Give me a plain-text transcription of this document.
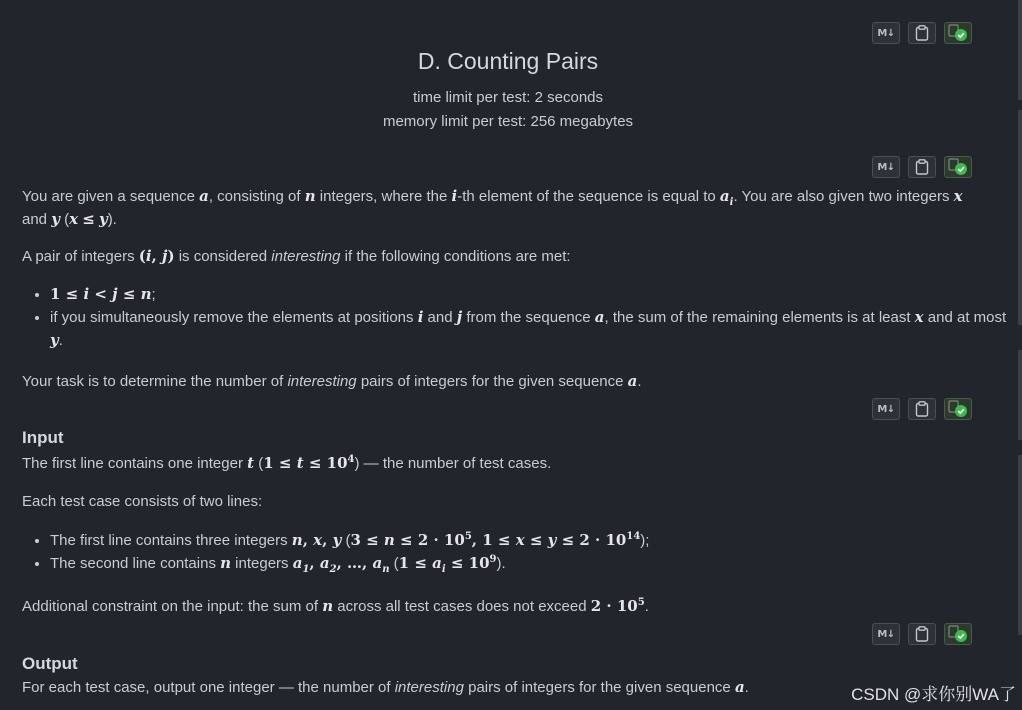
M↓
D. Counting Pairs
time limit per test: 2 seconds
memory limit per test: 256 megabytes
M↓
You are given a sequence a, consisting of n integers, where the i-th element of the sequence is equal to $a_i$. You are also given two integers x and y (x ≤ y).
A pair of integers (i, j) is considered interesting if the following conditions are met:
• 1 ≤ i < j ≤ n;
• if you simultaneously remove the elements at positions i and j from the sequence a, the sum of the remaining elements is at least x and at most y.
Your task is to determine the number of interesting pairs of integers for the given sequence a.
M↓
Input
The first line contains one integer t $(1 \le t \le 10^4)$ — the number of test cases.
Each test case consists of two lines:
• The first line contains three integers n, x, y ($3 \le n \le 2 \cdot 10^5$, $1 \le x \le y \le 2 \cdot 10^{14}$);
• The second line contains n integers $a_1$, $a_2$, …, $a_n$ $(1 \le a_i \le 10^9)$.
Additional constraint on the input: the sum of n across all test cases does not exceed $2 \cdot 10^5$.
M↓
Output
For each test case, output one integer — the number of interesting pairs of integers for the given sequence a.	CSDN @求你别WA了
